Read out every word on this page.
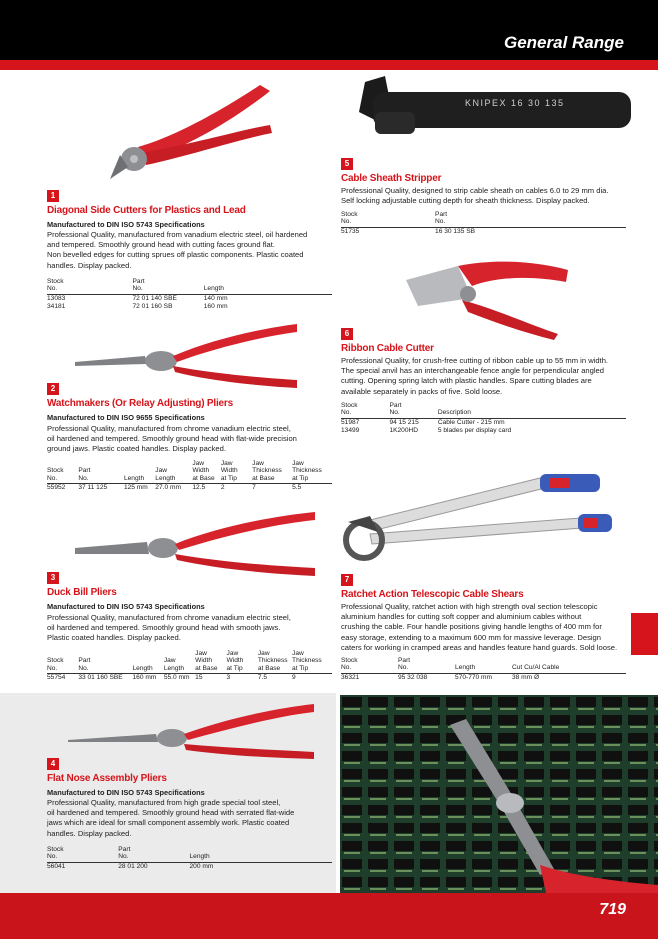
General Range
KNIPEX 16 30 135
1
Diagonal Side Cutters for Plastics and Lead
Manufactured to DIN ISO 5743 Specifications
Professional Quality, manufactured from vanadium electric steel, oil hardened
and tempered. Smoothly ground head with cutting faces ground flat.
Non bevelled edges for cutting sprues off plastic components. Plastic coated
handles. Display packed.
Stock
No.	Part
No.	Length
13083	72 01 140 SBE	140 mm
34181	72 01 160 SB	160 mm
2
Watchmakers (Or Relay Adjusting) Pliers
Manufactured to DIN ISO 9655 Specifications
Professional Quality, manufactured from chrome vanadium electric steel,
oil hardened and tempered. Smoothly ground head with flat-wide precision
ground jaws. Plastic coated handles. Display packed.
Stock
No.	Part
No.	Length	Jaw
Length	Jaw
Width
at Base	Jaw
Width
at Tip	Jaw
Thickness
at Base	Jaw
Thickness
at Tip
55952	37 11 125	125 mm	27.0 mm	12.5	2	7	5.5
3
Duck Bill Pliers
Manufactured to DIN ISO 5743 Specifications
Professional Quality, manufactured from chrome vanadium electric steel,
oil hardened and tempered. Smoothly ground head with smooth jaws.
Plastic coated handles. Display packed.
Stock
No.	Part
No.	Length	Jaw
Length	Jaw
Width
at Base	Jaw
Width
at Tip	Jaw
Thickness
at Base	Jaw
Thickness
at Tip
55754	33 01 160 SBE	160 mm	55.0 mm	15	3	7.5	9
4
Flat Nose Assembly Pliers
Manufactured to DIN ISO 5743 Specifications
Professional Quality, manufactured from high grade special tool steel,
oil hardened and tempered. Smoothly ground head with serrated flat-wide
jaws which are ideal for small component assembly work. Plastic coated
handles. Display packed.
Stock
No.	Part
No.	Length
56041	28 01 200	200 mm
5
Cable Sheath Stripper
Professional Quality, designed to strip cable sheath on cables 6.0 to 29 mm dia.
Self locking adjustable cutting depth for sheath thickness. Display packed.
Stock
No.	Part
No.
51735	16 30 135 SB
6
Ribbon Cable Cutter
Professional Quality, for crush-free cutting of ribbon cable up to 55 mm in width.
The special anvil has an interchangeable fence angle for perpendicular angled
cutting. Opening spring latch with plastic handles. Spare cutting blades are
available separately in packs of five. Sold loose.
Stock
No.	Part
No.	Description
51987	94 15 215	Cable Cutter - 215 mm
13499	1K200HD	5 blades per display card
7
Ratchet Action Telescopic Cable Shears
Professional Quality, ratchet action with high strength oval section telescopic
aluminium handles for cutting soft copper and aluminium cables without
crushing the cable. Four handle positions giving handle lengths of 400 mm for
easy storage, extending to a maximum 600 mm for massive leverage. Design
caters for working in cramped areas and handles feature hand guards. Sold loose.
Stock
No.	Part
No.	Length	Cut Cu/Al Cable
36321	95 32 038	570-770 mm	38 mm Ø
719
